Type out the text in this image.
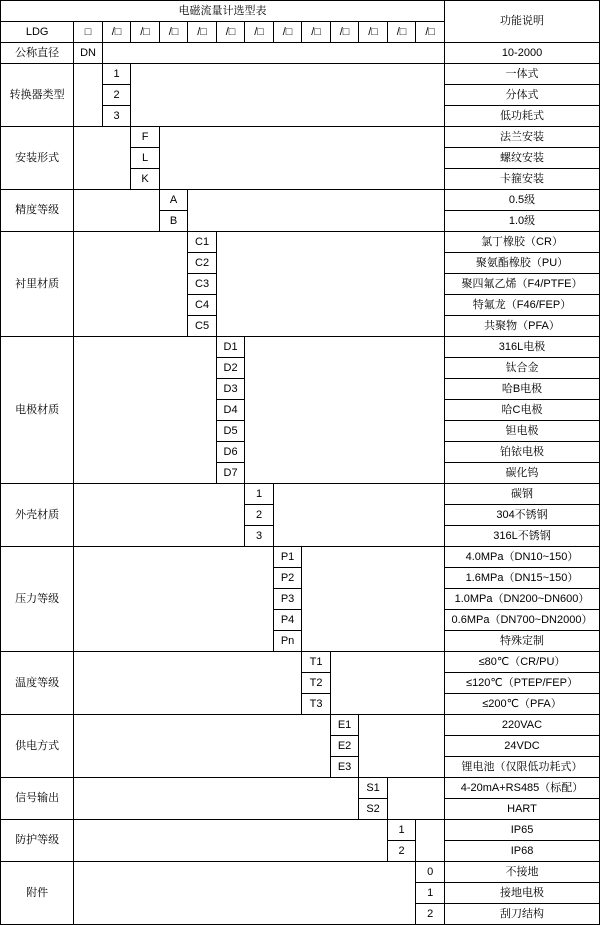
电磁流量计选型表														功能说明
LDG	□	/□	/□	/□	/□	/□	/□	/□	/□	/□	/□	/□	/□	
公称直径	DN													10-2000
转换器类型		1												一体式
		2												分体式
		3												低功耗式
安装形式			F											法兰安装
			L											螺纹安装
			K											卡箍安装
精度等级				A										0.5级
				B										1.0级
衬里材质					C1									氯丁橡胶（CR）
					C2									聚氨酯橡胶（PU）
					C3									聚四氟乙烯（F4/PTFE）
					C4									特氟龙（F46/FEP）
					C5									共聚物（PFA）
电极材质						D1								316L电极
						D2								钛合金
						D3								哈B电极
						D4								哈C电极
						D5								钽电极
						D6								铂铱电极
						D7								碳化钨
外壳材质							1							碳钢
							2							304不锈钢
							3							316L不锈钢
压力等级								P1						4.0MPa（DN10~150）
								P2						1.6MPa（DN15~150）
								P3						1.0MPa（DN200~DN600）
								P4						0.6MPa（DN700~DN2000）
								Pn						特殊定制
温度等级									T1					≤80℃（CR/PU）
									T2					≤120℃（PTEP/FEP）
									T3					≤200℃（PFA）
供电方式										E1				220VAC
										E2				24VDC
										E3				锂电池（仅限低功耗式）
信号输出											S1			4-20mA+RS485（标配）
											S2			HART
防护等级												1		IP65
												2		IP68
附件													0	不接地
													1	接地电极
													2	刮刀结构
